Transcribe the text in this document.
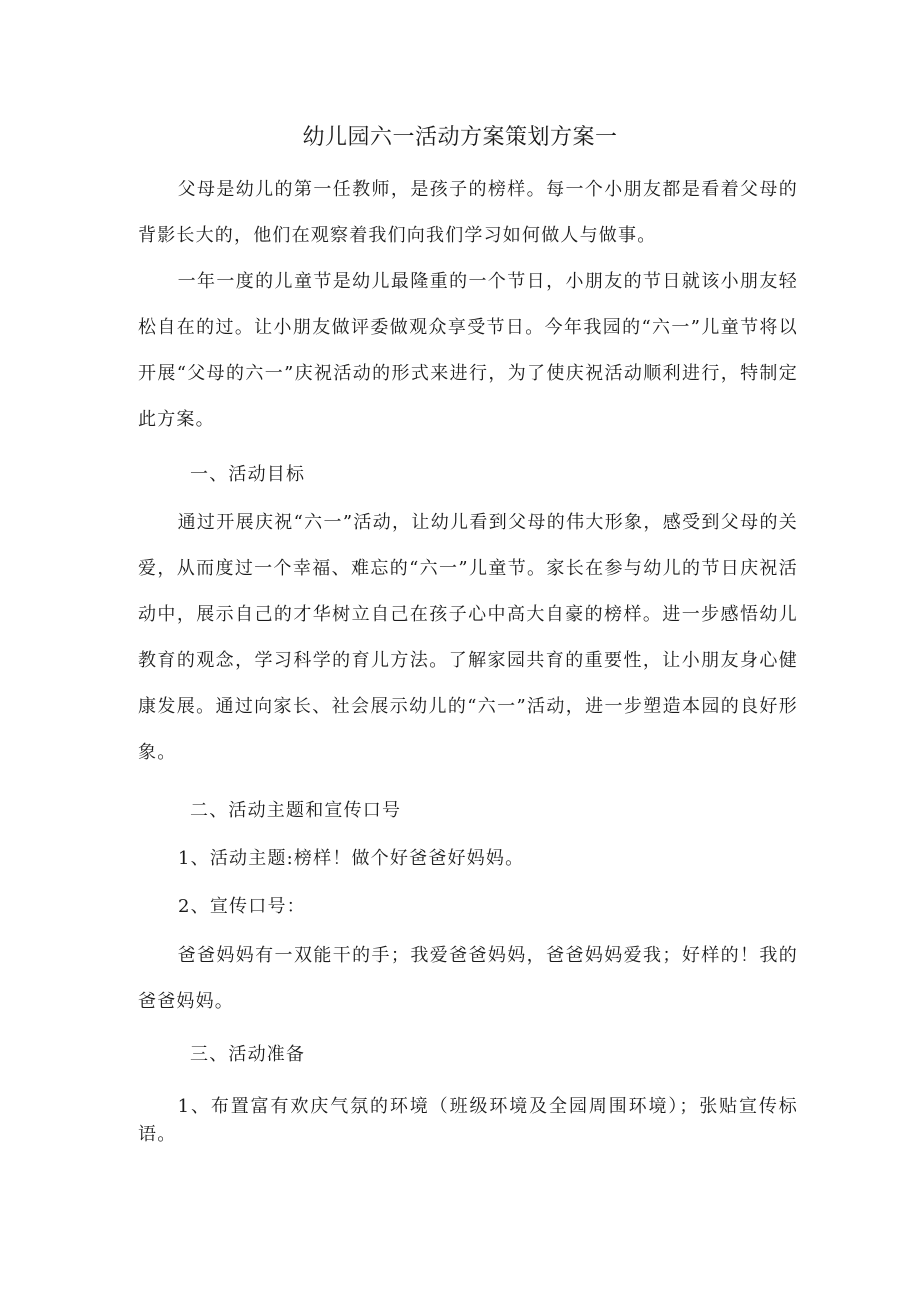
幼儿园六一活动方案策划方案一
父母是幼儿的第一任教师，是孩子的榜样。每一个小朋友都是看着父母的背影长大的，他们在观察着我们向我们学习如何做人与做事。
一年一度的儿童节是幼儿最隆重的一个节日，小朋友的节日就该小朋友轻松自在的过。让小朋友做评委做观众享受节日。今年我园的“六一”儿童节将以开展“父母的六一”庆祝活动的形式来进行，为了使庆祝活动顺利进行，特制定此方案。
一、活动目标
通过开展庆祝“六一”活动，让幼儿看到父母的伟大形象，感受到父母的关爱，从而度过一个幸福、难忘的“六一”儿童节。家长在参与幼儿的节日庆祝活动中，展示自己的才华树立自己在孩子心中高大自豪的榜样。进一步感悟幼儿教育的观念，学习科学的育儿方法。了解家园共育的重要性，让小朋友身心健康发展。通过向家长、社会展示幼儿的“六一”活动，进一步塑造本园的良好形象。
二、活动主题和宣传口号
1、活动主题:榜样！做个好爸爸好妈妈。
2、宣传口号：
爸爸妈妈有一双能干的手；我爱爸爸妈妈，爸爸妈妈爱我；好样的！我的爸爸妈妈。
三、活动准备
1、布置富有欢庆气氛的环境（班级环境及全园周围环境）；张贴宣传标语。
